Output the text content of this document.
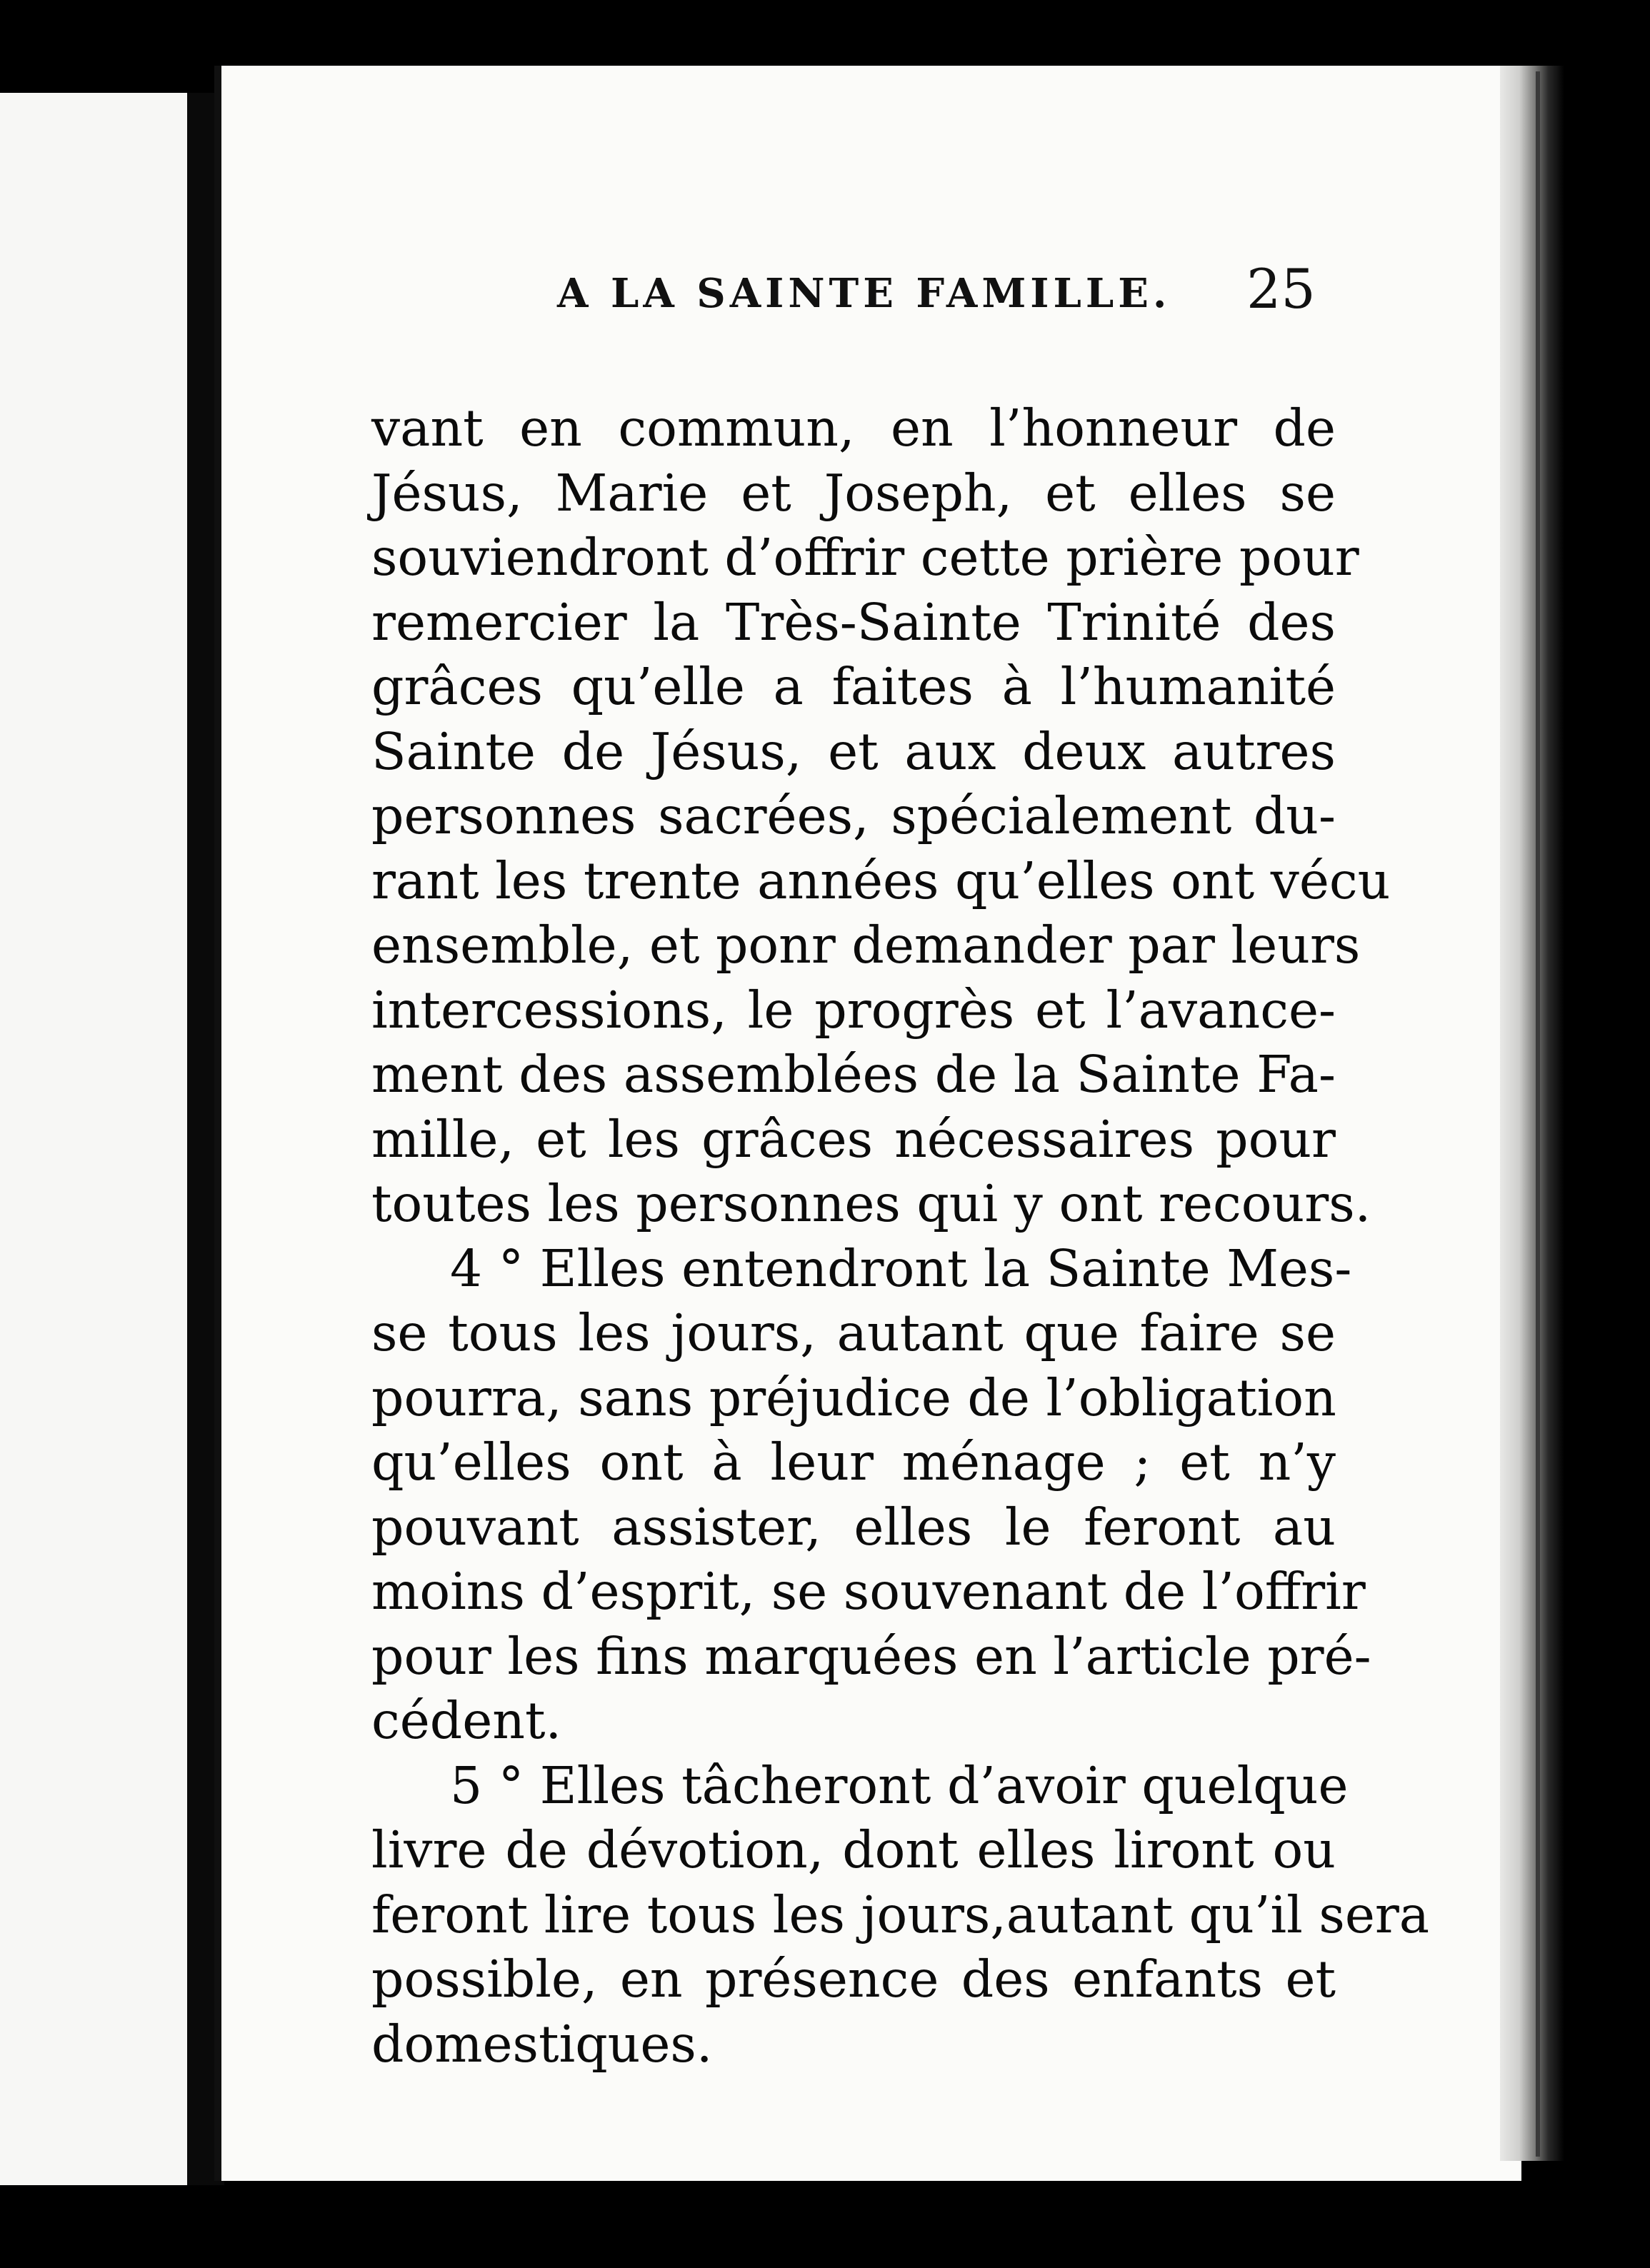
A LA SAINTE FAMILLE. 25
vant en commun, en l’honneur de
Jésus, Marie et Joseph, et elles se
souviendront d’offrir cette prière pour
remercier la Très-Sainte Trinité des
grâces qu’elle a faites à l’humanité
Sainte de Jésus, et aux deux autres
personnes sacrées, spécialement du-
rant les trente années qu’elles ont vécu
ensemble, et ponr demander par leurs
intercessions, le progrès et l’avance-
ment des assemblées de la Sainte Fa-
mille, et les grâces nécessaires pour
toutes les personnes qui y ont recours.
4 ° Elles entendront la Sainte Mes-
se tous les jours, autant que faire se
pourra, sans préjudice de l’obligation
qu’elles ont à leur ménage ; et n’y
pouvant assister, elles le feront au
moins d’esprit, se souvenant de l’offrir
pour les fins marquées en l’article pré-
cédent.
5 ° Elles tâcheront d’avoir quelque
livre de dévotion, dont elles liront ou
feront lire tous les jours,autant qu’il sera
possible, en présence des enfants et
domestiques.
